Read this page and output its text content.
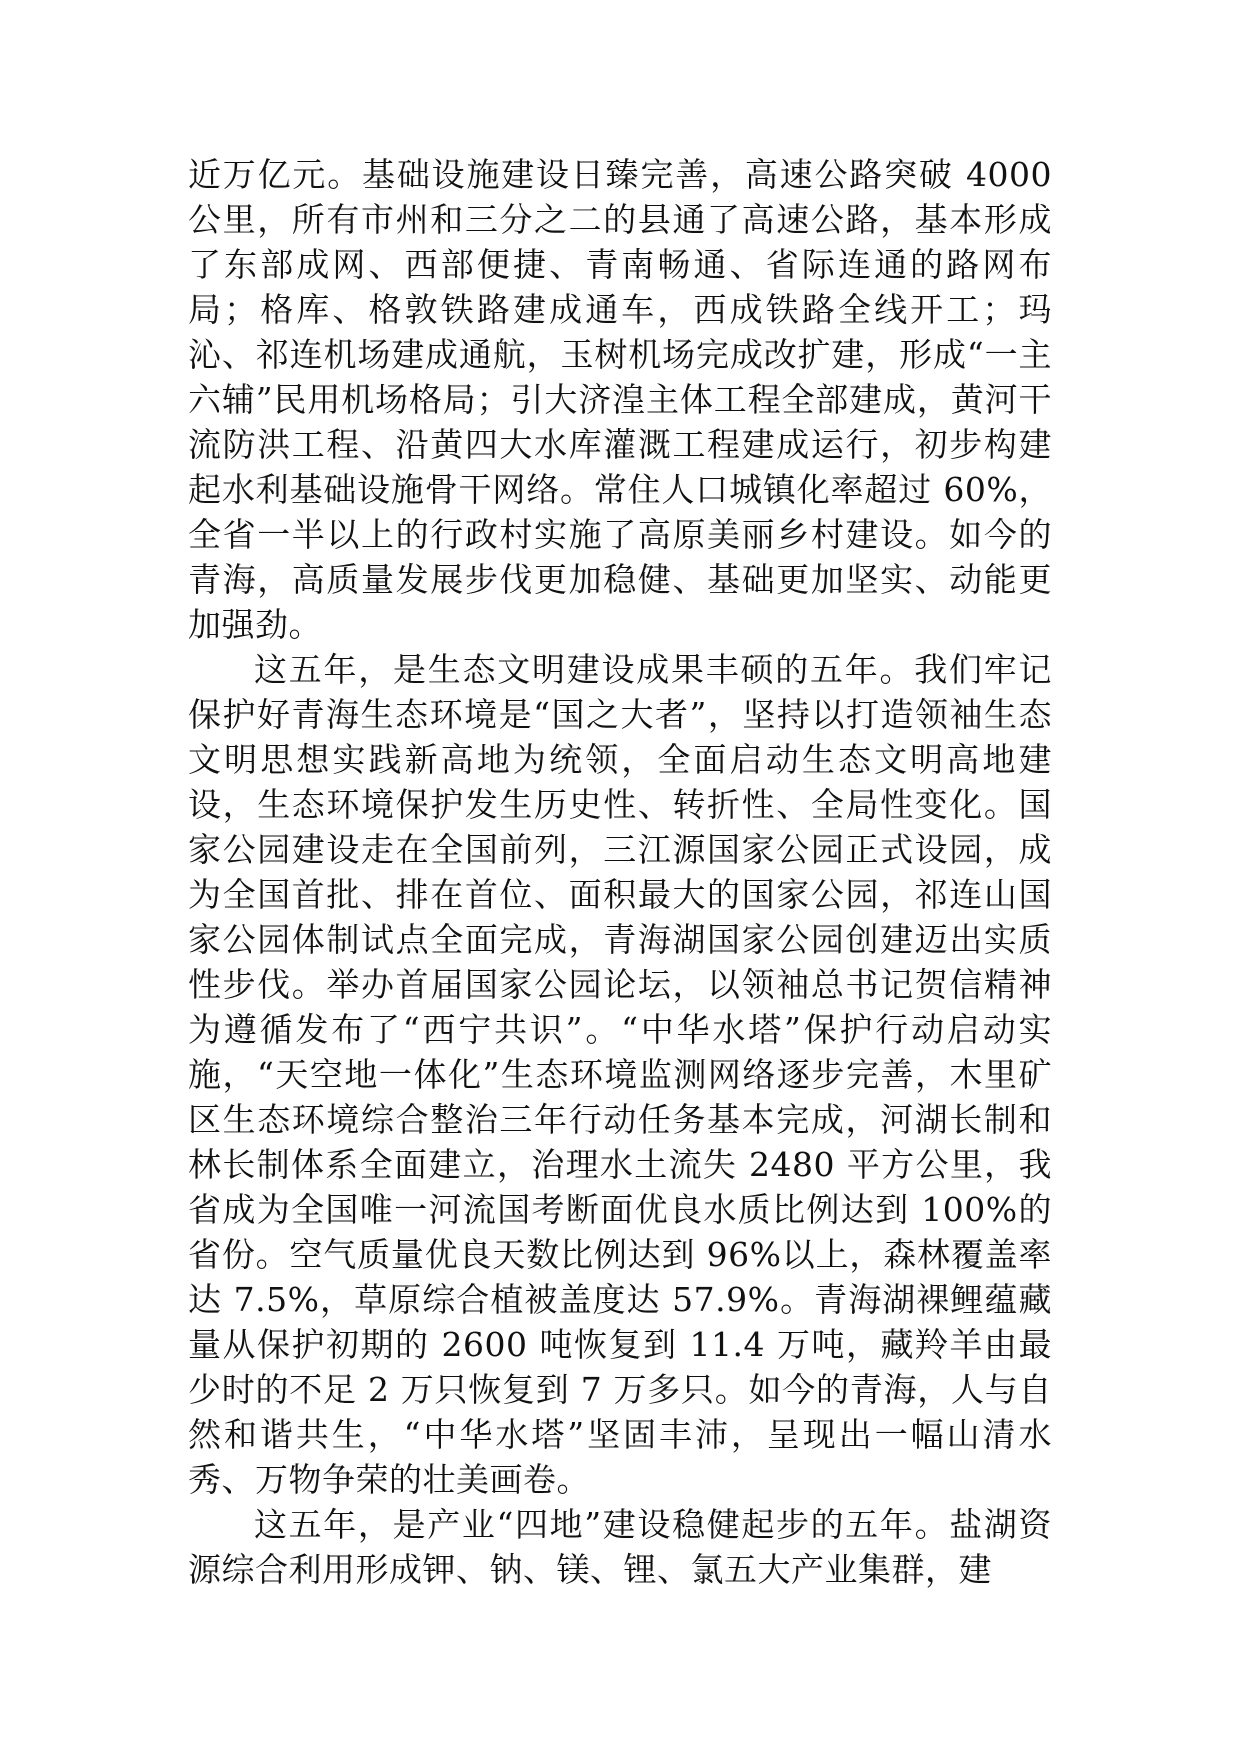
近万亿元。基础设施建设日臻完善，高速公路突破 4000 公里，所有市州和三分之二的县通了高速公路，基本形成了东部成网、西部便捷、青南畅通、省际连通的路网布局；格库、格敦铁路建成通车，西成铁路全线开工；玛沁、祁连机场建成通航，玉树机场完成改扩建，形成“一主六辅”民用机场格局；引大济湟主体工程全部建成，黄河干流防洪工程、沿黄四大水库灌溉工程建成运行，初步构建起水利基础设施骨干网络。常住人口城镇化率超过 60%，全省一半以上的行政村实施了高原美丽乡村建设。如今的青海，高质量发展步伐更加稳健、基础更加坚实、动能更加强劲。

这五年，是生态文明建设成果丰硕的五年。我们牢记保护好青海生态环境是“国之大者”，坚持以打造领袖生态文明思想实践新高地为统领，全面启动生态文明高地建设，生态环境保护发生历史性、转折性、全局性变化。国家公园建设走在全国前列，三江源国家公园正式设园，成为全国首批、排在首位、面积最大的国家公园，祁连山国家公园体制试点全面完成，青海湖国家公园创建迈出实质性步伐。举办首届国家公园论坛，以领袖总书记贺信精神为遵循发布了“西宁共识”。“中华水塔”保护行动启动实施，“天空地一体化”生态环境监测网络逐步完善，木里矿区生态环境综合整治三年行动任务基本完成，河湖长制和林长制体系全面建立，治理水土流失 2480 平方公里，我省成为全国唯一河流国考断面优良水质比例达到 100%的省份。空气质量优良天数比例达到 96%以上，森林覆盖率达 7.5%，草原综合植被盖度达 57.9%。青海湖裸鲤蕴藏量从保护初期的 2600 吨恢复到 11.4 万吨，藏羚羊由最少时的不足 2 万只恢复到 7 万多只。如今的青海，人与自然和谐共生，“中华水塔”坚固丰沛，呈现出一幅山清水秀、万物争荣的壮美画卷。

这五年，是产业“四地”建设稳健起步的五年。盐湖资源综合利用形成钾、钠、镁、锂、氯五大产业集群，建
